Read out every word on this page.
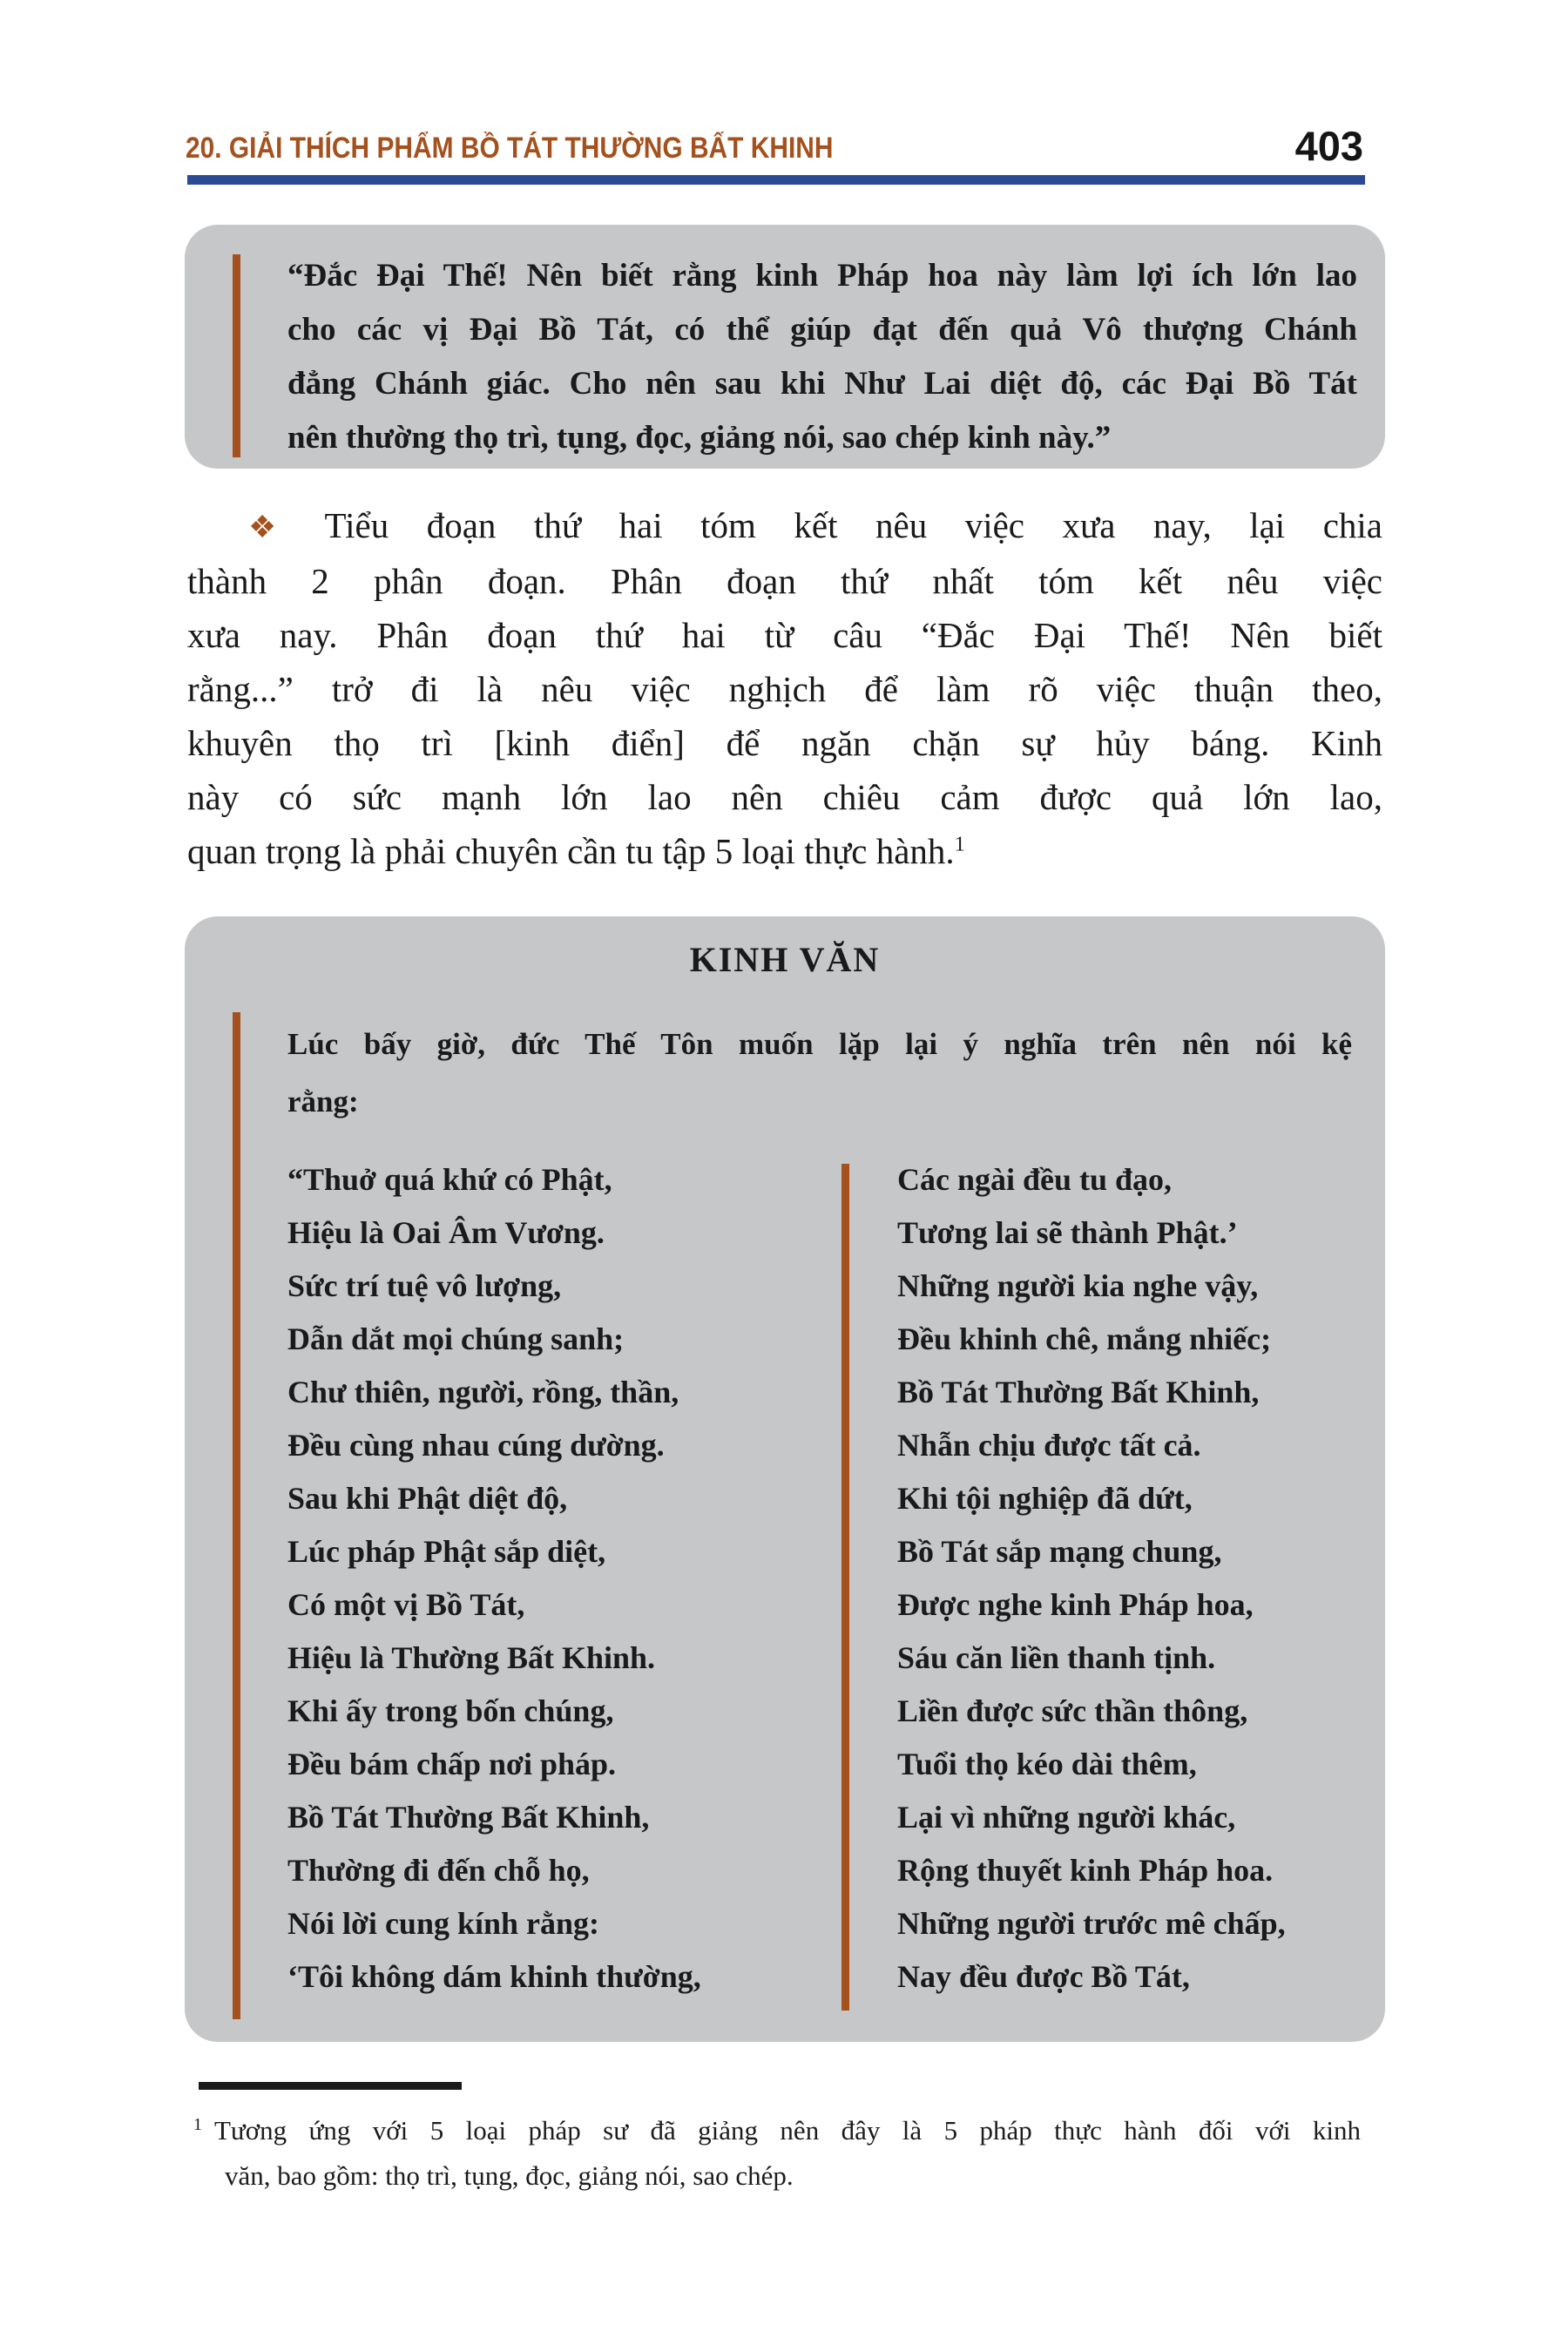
20. GIẢI THÍCH PHẨM BỒ TÁT THƯỜNG BẤT KHINH	403
“Đắc Đại Thế! Nên biết rằng kinh Pháp hoa này làm lợi ích lớn lao
cho các vị Đại Bồ Tát, có thể giúp đạt đến quả Vô thượng Chánh
đẳng Chánh giác. Cho nên sau khi Như Lai diệt độ, các Đại Bồ Tát
nên thường thọ trì, tụng, đọc, giảng nói, sao chép kinh này.”
❖ Tiểu đoạn thứ hai tóm kết nêu việc xưa nay, lại chia
thành 2 phân đoạn. Phân đoạn thứ nhất tóm kết nêu việc
xưa nay. Phân đoạn thứ hai từ câu “Đắc Đại Thế! Nên biết
rằng...” trở đi là nêu việc nghịch để làm rõ việc thuận theo,
khuyên thọ trì [kinh điển] để ngăn chặn sự hủy báng. Kinh
này có sức mạnh lớn lao nên chiêu cảm được quả lớn lao,
quan trọng là phải chuyên cần tu tập 5 loại thực hành.$^1$
KINH VĂN
Lúc bấy giờ, đức Thế Tôn muốn lặp lại ý nghĩa trên nên nói kệ
rằng:
“Thuở quá khứ có Phật,
Hiệu là Oai Âm Vương.
Sức trí tuệ vô lượng,
Dẫn dắt mọi chúng sanh;
Chư thiên, người, rồng, thần,
Đều cùng nhau cúng dường.
Sau khi Phật diệt độ,
Lúc pháp Phật sắp diệt,
Có một vị Bồ Tát,
Hiệu là Thường Bất Khinh.
Khi ấy trong bốn chúng,
Đều bám chấp nơi pháp.
Bồ Tát Thường Bất Khinh,
Thường đi đến chỗ họ,
Nói lời cung kính rằng:
‘Tôi không dám khinh thường,
Các ngài đều tu đạo,
Tương lai sẽ thành Phật.’
Những người kia nghe vậy,
Đều khinh chê, mắng nhiếc;
Bồ Tát Thường Bất Khinh,
Nhẫn chịu được tất cả.
Khi tội nghiệp đã dứt,
Bồ Tát sắp mạng chung,
Được nghe kinh Pháp hoa,
Sáu căn liền thanh tịnh.
Liền được sức thần thông,
Tuổi thọ kéo dài thêm,
Lại vì những người khác,
Rộng thuyết kinh Pháp hoa.
Những người trước mê chấp,
Nay đều được Bồ Tát,
$^1$ Tương ứng với 5 loại pháp sư đã giảng nên đây là 5 pháp thực hành đối với kinh
văn, bao gồm: thọ trì, tụng, đọc, giảng nói, sao chép.
